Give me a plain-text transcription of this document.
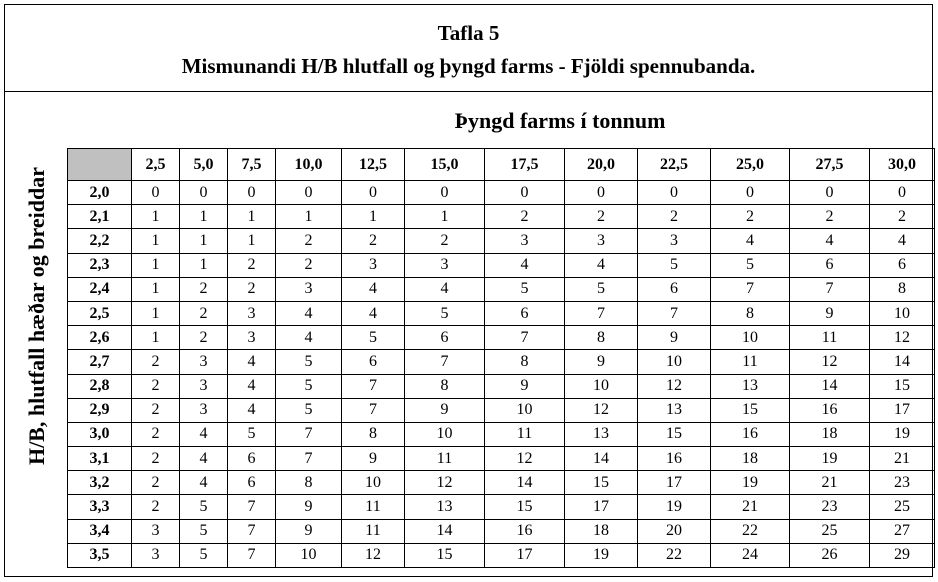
Tafla 5
Mismunandi H/B hlutfall og þyngd farms - Fjöldi spennubanda.
Þyngd farms í tonnum
H/B, hlutfall hæðar og breiddar
	2,5	5,0	7,5	10,0	12,5	15,0	17,5	20,0	22,5	25,0	27,5	30,0
2,0	0	0	0	0	0	0	0	0	0	0	0	0
2,1	1	1	1	1	1	1	2	2	2	2	2	2
2,2	1	1	1	2	2	2	3	3	3	4	4	4
2,3	1	1	2	2	3	3	4	4	5	5	6	6
2,4	1	2	2	3	4	4	5	5	6	7	7	8
2,5	1	2	3	4	4	5	6	7	7	8	9	10
2,6	1	2	3	4	5	6	7	8	9	10	11	12
2,7	2	3	4	5	6	7	8	9	10	11	12	14
2,8	2	3	4	5	7	8	9	10	12	13	14	15
2,9	2	3	4	5	7	9	10	12	13	15	16	17
3,0	2	4	5	7	8	10	11	13	15	16	18	19
3,1	2	4	6	7	9	11	12	14	16	18	19	21
3,2	2	4	6	8	10	12	14	15	17	19	21	23
3,3	2	5	7	9	11	13	15	17	19	21	23	25
3,4	3	5	7	9	11	14	16	18	20	22	25	27
3,5	3	5	7	10	12	15	17	19	22	24	26	29
